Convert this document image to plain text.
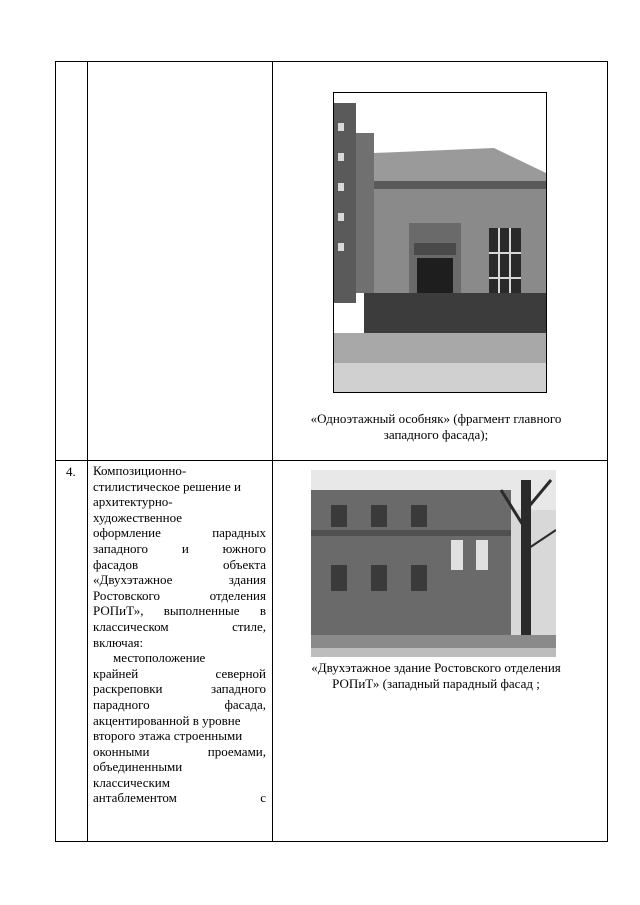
«Одноэтажный особняк» (фрагмент главного
западного фасада);
4. Композиционно-

стилистическое решение и

архитектурно-

художественное

оформление парадных

западного и южного

фасадов объекта

«Двухэтажное здания

Ростовского отделения

РОПиТ», выполненные в

классическом стиле,

включая:

местоположение

крайней северной

раскреповки западного

парадного фасада,

акцентированной в уровне

второго этажа строенными

оконными проемами,

объединенными

классическим

антаблементом с

«Двухэтажное здание Ростовского отделения
РОПиТ» (западный парадный фасад ;
